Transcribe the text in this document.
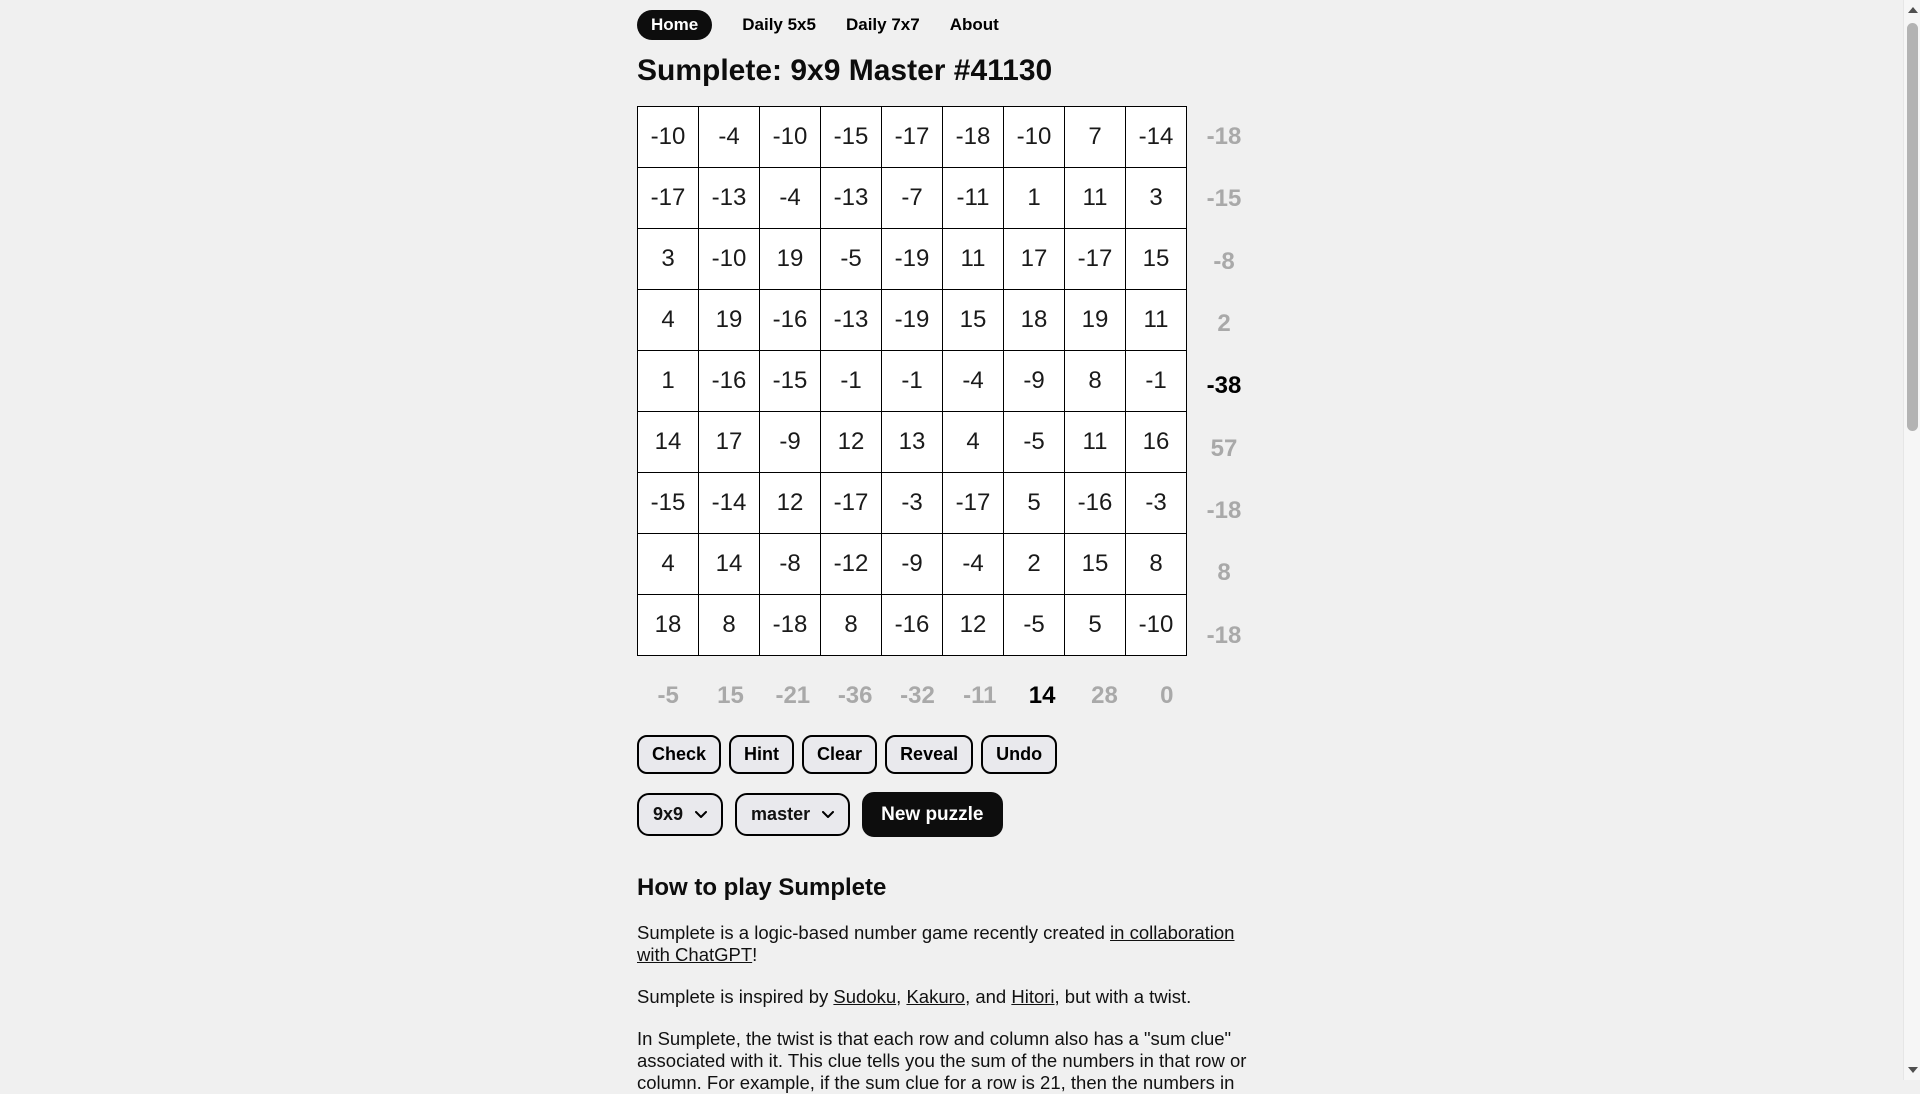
Home	Daily 5x5 Daily 7x7 About
Sumplete: 9x9 Master #41130
-10	-4	-10	-15	-17	-18	-10	7	-14
-17	-13	-4	-13	-7	-11	1	11	3
3	-10	19	-5	-19	11	17	-17	15
4	19	-16	-13	-19	15	18	19	11
1	-16	-15	-1	-1	-4	-9	8	-1
14	17	-9	12	13	4	-5	11	16
-15	-14	12	-17	-3	-17	5	-16	-3
4	14	-8	-12	-9	-4	2	15	8
18	8	-18	8	-16	12	-5	5	-10
-18
-15
-8
2
-38
57
-18
8
-18
-5	15	-21	-36	-32	-11	14	28	0
Check	Hint	Clear	Reveal	Undo
9x9	master	New puzzle
How to play Sumplete

Sumplete is a logic-based number game recently created in collaboration with ChatGPT!

Sumplete is inspired by Sudoku, Kakuro, and Hitori, but with a twist.

In Sumplete, the twist is that each row and column also has a "sum clue" associated with it. This clue tells you the sum of the numbers in that row or column. For example, if the sum clue for a row is 21, then the numbers in
